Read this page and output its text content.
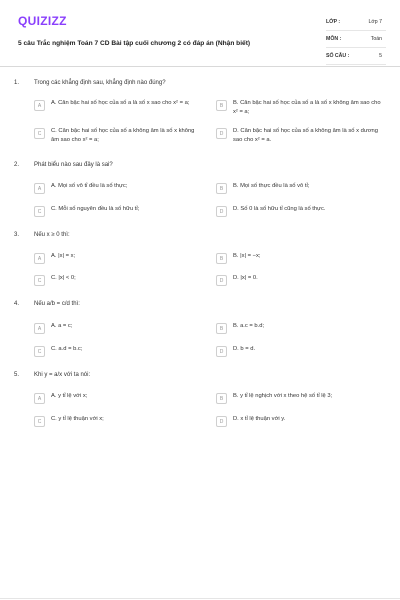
QUIZIZZ
5 câu Trắc nghiệm Toán 7 CD Bài tập cuối chương 2 có đáp án (Nhận biết)
LỚP :	Lớp 7
MÔN :	Toán
SỐ CÂU :	5
1. Trong các khẳng định sau, khẳng định nào đúng?
A	A. Căn bậc hai số học của số a là số x sao cho x² = a;	B	B. Căn bậc hai số học của số a là số x không âm sao cho x² = a;
C	C. Căn bậc hai số học của số a không âm là số x không âm sao cho x² = a;
D	D. Căn bậc hai số học của số a không âm là số x dương sao cho x² = a.
2. Phát biểu nào sau đây là sai?
A	A. Mọi số vô tỉ đều là số thực;	B	B. Mọi số thực đều là số vô tỉ;
C	C. Mỗi số nguyên đều là số hữu tỉ;	D	D. Số 0 là số hữu tỉ cũng là số thực.
3. Nếu x ≥ 0 thì:
A	A. |x| = x;	B	B. |x| = −x;
C	C. |x| < 0;	D	D. |x| = 0.
4. Nếu a/b = c/d thì:
A	A. a = c;	B	B. a.c = b.d;
C	C. a.d = b.c;	D	D. b = d.
5. Khi y = a/x với ta nói:
A	A. y tỉ lệ với x;	B	B. y tỉ lệ nghịch với x theo hệ số tỉ lệ 3;
C	C. y tỉ lệ thuận với x;	D	D. x tỉ lệ thuận với y.
